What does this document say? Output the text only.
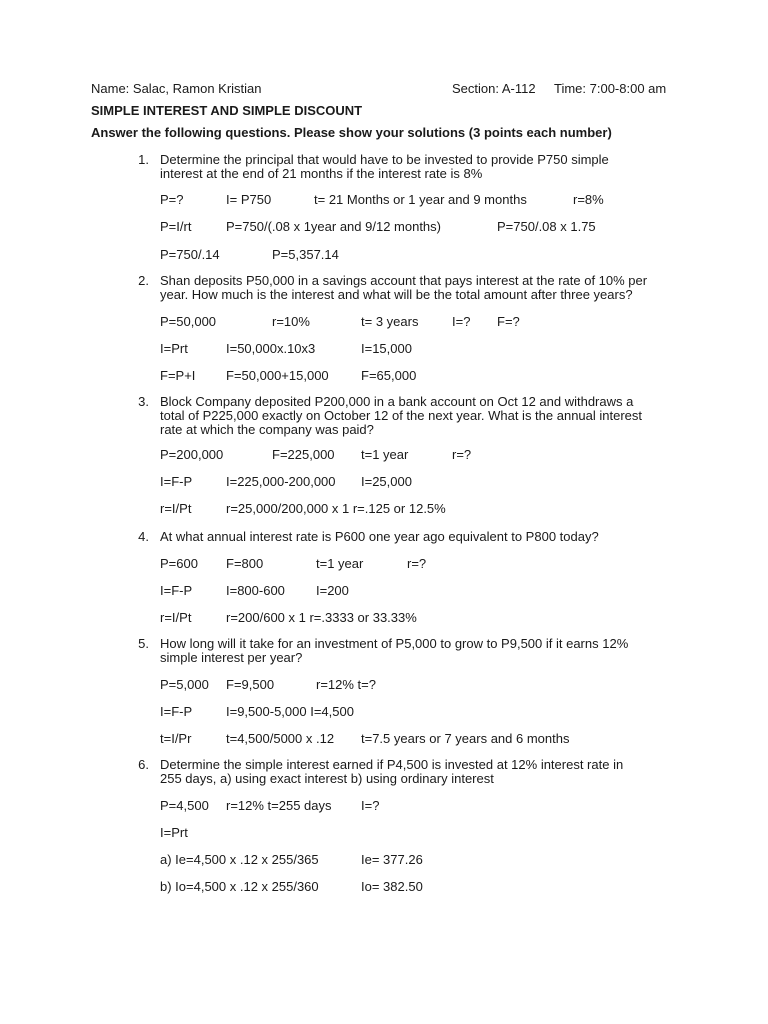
Name: Salac, Ramon Kristian	Section: A-112 Time: 7:00-8:00 am
SIMPLE INTEREST AND SIMPLE DISCOUNT
Answer the following questions. Please show your solutions (3 points each number)
1. Determine the principal that would have to be invested to provide P750 simple
interest at the end of 21 months if the interest rate is 8%
P=?	I= P750	t= 21 Months or 1 year and 9 months	r=8%
P=I/rt	P=750/(.08 x 1year and 9/12 months)	P=750/.08 x 1.75
P=750/.14	P=5,357.14
2. Shan deposits P50,000 in a savings account that pays interest at the rate of 10% per
year. How much is the interest and what will be the total amount after three years?
P=50,000	r=10%	t= 3 years	I=? F=?
I=Prt	I=50,000x.10x3	I=15,000
F=P+I F=50,000+15,000 F=65,000
3. Block Company deposited P200,000 in a bank account on Oct 12 and withdraws a
total of P225,000 exactly on October 12 of the next year. What is the annual interest
rate at which the company was paid?
P=200,000	F=225,000 t=1 year	r=?
I=F-P	I=225,000-200,000 I=25,000
r=I/Pt	r=25,000/200,000 x 1 r=.125 or 12.5%
4. At what annual interest rate is P600 one year ago equivalent to P800 today?
P=600 F=800	t=1 year	r=?
I=F-P	I=800-600 I=200
r=I/Pt	r=200/600 x 1 r=.3333 or 33.33%
5. How long will it take for an investment of P5,000 to grow to P9,500 if it earns 12%
simple interest per year?
P=5,000 F=9,500	r=12% t=?
I=F-P	I=9,500-5,000 I=4,500
t=I/Pr	t=4,500/5000 x .12 t=7.5 years or 7 years and 6 months
6. Determine the simple interest earned if P4,500 is invested at 12% interest rate in
255 days, a) using exact interest b) using ordinary interest
P=4,500 r=12% t=255 days I=?
I=Prt
a) Ie=4,500 x .12 x 255/365	Ie= 377.26
b) Io=4,500 x .12 x 255/360	Io= 382.50
